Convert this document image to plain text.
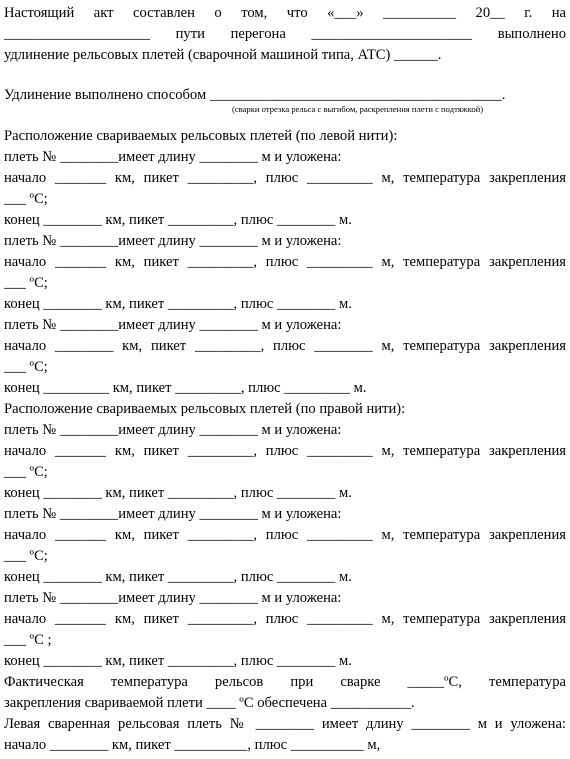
Настоящий акт составлен о том, что «___» __________ 20__ г. на
____________________ пути перегона ______________________ выполнено
удлинение рельсовых плетей (сварочной машиной типа, АТС) ______.
Удлинение выполнено способом ________________________________________.
(сварки отрезка рельса с выгибом, раскрепления плети с подтяжкой)
Расположение свариваемых рельсовых плетей (по левой нити):
плеть № ________имеет длину ________ м и уложена:
начало _______ км, пикет _________, плюс _________ м, температура закрепления
___ ºС;
конец ________ км, пикет _________, плюс ________ м.
плеть № ________имеет длину ________ м и уложена:
начало _______ км, пикет _________, плюс _________ м, температура закрепления
___ ºС;
конец ________ км, пикет _________, плюс ________ м.
плеть № ________имеет длину ________ м и уложена:
начало ________ км, пикет _________, плюс ________ м, температура закрепления
___ ºС;
конец _________ км, пикет _________, плюс _________ м.
Расположение свариваемых рельсовых плетей (по правой нити):
плеть № ________имеет длину ________ м и уложена:
начало _______ км, пикет _________, плюс _________ м, температура закрепления
___ ºС;
конец ________ км, пикет _________, плюс ________ м.
плеть № ________имеет длину ________ м и уложена:
начало _______ км, пикет _________, плюс _________ м, температура закрепления
___ ºС;
конец ________ км, пикет _________, плюс ________ м.
плеть № ________имеет длину ________ м и уложена:
начало _______ км, пикет _________, плюс _________ м, температура закрепления
___ ºС ;
конец ________ км, пикет _________, плюс ________ м.
Фактическая температура рельсов при сварке _____ºС, температура
закрепления свариваемой плети ____ ºС обеспечена ___________.
Левая сваренная рельсовая плеть № ________ имеет длину ________ м и уложена:
начало ________ км, пикет __________, плюс __________ м,
